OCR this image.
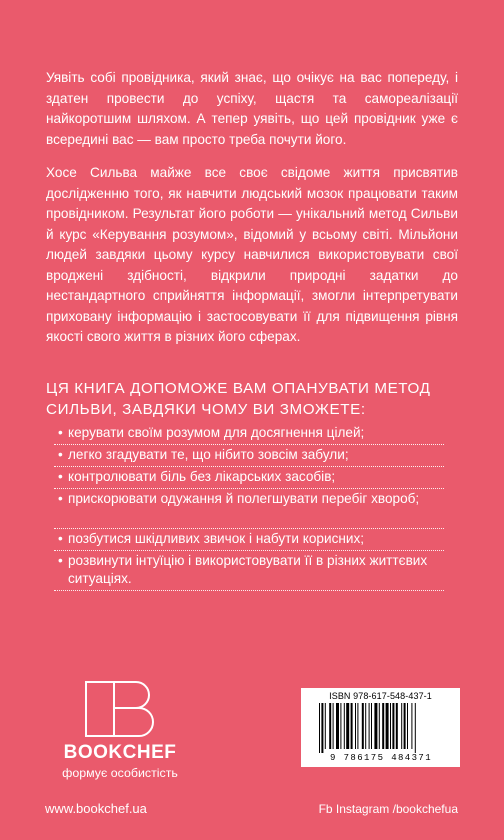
Уявіть собі провідника, який знає, що очікує на вас попереду, і здатен провести до успіху, щастя та самореалізації найкоротшим шляхом. А тепер уявіть, що цей провідник уже є всередині вас — вам просто треба почути його.

Хосе Сильва майже все своє свідоме життя присвятив дослідженню того, як навчити людський мозок працювати таким провідником. Результат його роботи — унікальний метод Сильви й курс «Керування розумом», відомий у всьому світі. Мільйони людей завдяки цьому курсу навчилися використовувати свої вроджені здібності, відкрили природні задатки до нестандартного сприйняття інформації, змогли інтерпретувати приховану інформацію і застосовувати її для підвищення рівня якості свого життя в різних його сферах.

ЦЯ КНИГА ДОПОМОЖЕ ВАМ ОПАНУВАТИ МЕТОД СИЛЬВИ, ЗАВДЯКИ ЧОМУ ВИ ЗМОЖЕТЕ:
• керувати своїм розумом для досягнення цілей;
• легко згадувати те, що нібито зовсім забули;
• контролювати біль без лікарських засобів;
• прискорювати одужання й полегшувати перебіг хвороб;
• позбутися шкідливих звичок і набути корисних;
• розвинути інтуїцію і використовувати її в різних життєвих ситуаціях.
BOOKCHEF
формує особистість
ISBN 978-617-548-437-1
9 786175 484371
www.bookchef.ua	Fb Instagram /bookchefua
